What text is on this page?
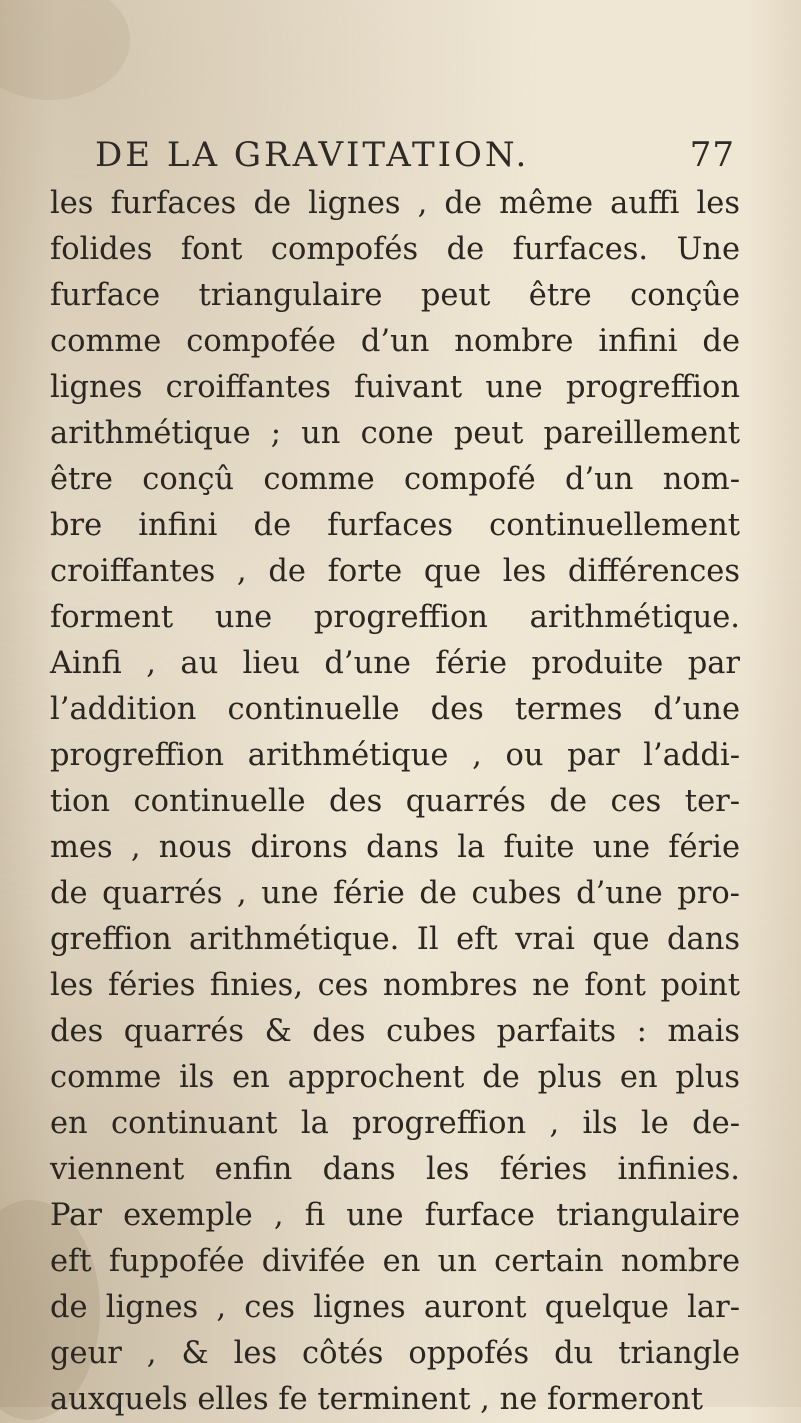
DE LA GRAVITATION.	77
les furfaces de lignes , de même auffi les
folides font compofés de furfaces. Une
furface triangulaire peut être conçûe
comme compofée d’un nombre infini de
lignes croiffantes fuivant une progreffion
arithmétique ; un cone peut pareillement
être conçû comme compofé d’un nom-
bre infini de furfaces continuellement
croiffantes , de forte que les différences
forment une progreffion arithmétique.
Ainfi , au lieu d’une férie produite par
l’addition continuelle des termes d’une
progreffion arithmétique , ou par l’addi-
tion continuelle des quarrés de ces ter-
mes , nous dirons dans la fuite une férie
de quarrés , une férie de cubes d’une pro-
greffion arithmétique. Il eft vrai que dans
les féries finies, ces nombres ne font point
des quarrés & des cubes parfaits : mais
comme ils en approchent de plus en plus
en continuant la progreffion , ils le de-
viennent enfin dans les féries infinies.
Par exemple , fi une furface triangulaire
eft fuppofée divifée en un certain nombre
de lignes , ces lignes auront quelque lar-
geur , & les côtés oppofés du triangle
auxquels elles fe terminent , ne formeront
